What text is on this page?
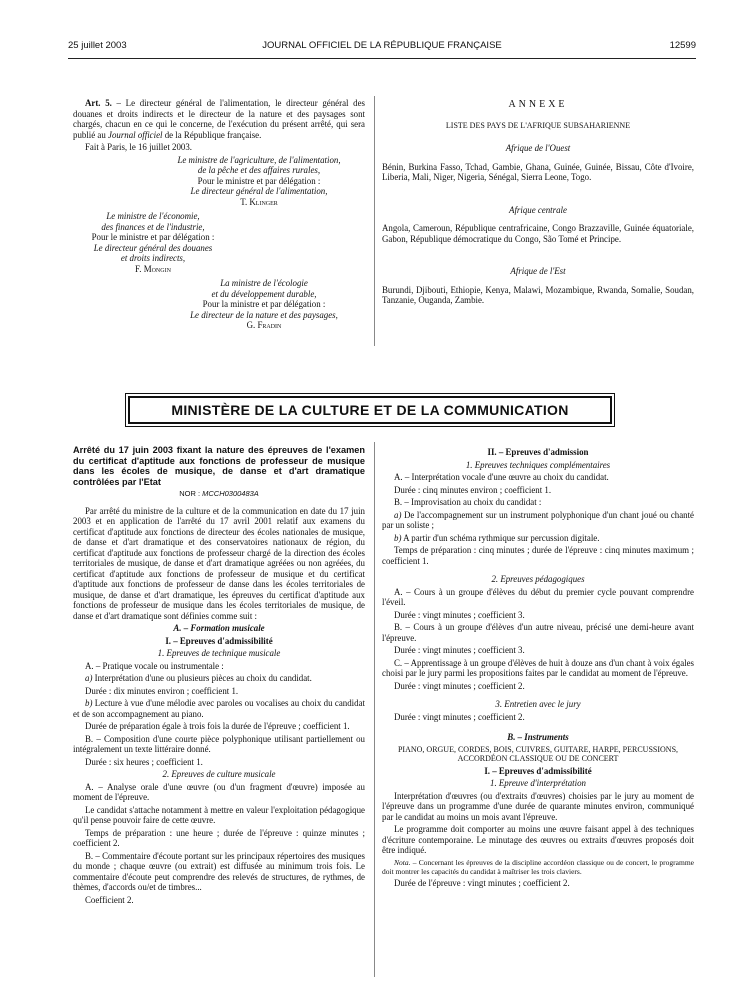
25 juillet 2003	JOURNAL OFFICIEL DE LA RÉPUBLIQUE FRANÇAISE	12599

Art. 5. – Le directeur général de l'alimentation, le directeur général des douanes et droits indirects et le directeur de la nature et des paysages sont chargés, chacun en ce qui le concerne, de l'exécution du présent arrêté, qui sera publié au Journal officiel de la République française.

Fait à Paris, le 16 juillet 2003.

Le ministre de l'agriculture, de l'alimentation,
de la pêche et des affaires rurales,
Pour le ministre et par délégation :
Le directeur général de l'alimentation,
T. Klinger
Le ministre de l'économie,
des finances et de l'industrie,
Pour le ministre et par délégation :
Le directeur général des douanes
et droits indirects,
F. Mongin
La ministre de l'écologie
et du développement durable,
Pour la ministre et par délégation :
Le directeur de la nature et des paysages,
G. Fradin

ANNEXE

LISTE DES PAYS DE L'AFRIQUE SUBSAHARIENNE

Afrique de l'Ouest

Bénin, Burkina Fasso, Tchad, Gambie, Ghana, Guinée, Guinée, Bissau, Côte d'Ivoire, Liberia, Mali, Niger, Nigeria, Sénégal, Sierra Leone, Togo.

Afrique centrale

Angola, Cameroun, République centrafricaine, Congo Brazzaville, Guinée équatoriale, Gabon, République démocratique du Congo, São Tomé et Principe.

Afrique de l'Est

Burundi, Djibouti, Ethiopie, Kenya, Malawi, Mozambique, Rwanda, Somalie, Soudan, Tanzanie, Ouganda, Zambie.

MINISTÈRE DE LA CULTURE ET DE LA COMMUNICATION

Arrêté du 17 juin 2003 fixant la nature des épreuves de l'examen du certificat d'aptitude aux fonctions de professeur de musique dans les écoles de musique, de danse et d'art dramatique contrôlées par l'Etat

NOR : MCCH0300483A

Par arrêté du ministre de la culture et de la communication en date du 17 juin 2003 et en application de l'arrêté du 17 avril 2001 relatif aux examens du certificat d'aptitude aux fonctions de directeur des écoles nationales de musique, de danse et d'art dramatique et des conservatoires nationaux de région, du certificat d'aptitude aux fonctions de professeur chargé de la direction des écoles territoriales de musique, de danse et d'art dramatique agréées ou non agréées, du certificat d'aptitude aux fonctions de professeur de musique et du certificat d'aptitude aux fonctions de professeur de danse dans les écoles territoriales de musique, de danse et d'art dramatique, les épreuves du certificat d'aptitude aux fonctions de professeur de musique dans les écoles territoriales de musique, de danse et d'art dramatique sont définies comme suit :

A. – Formation musicale

I. – Epreuves d'admissibilité

1. Epreuves de technique musicale

A. – Pratique vocale ou instrumentale :

a) Interprétation d'une ou plusieurs pièces au choix du candidat.

Durée : dix minutes environ ; coefficient 1.

b) Lecture à vue d'une mélodie avec paroles ou vocalises au choix du candidat et de son accompagnement au piano.

Durée de préparation égale à trois fois la durée de l'épreuve ; coefficient 1.

B. – Composition d'une courte pièce polyphonique utilisant partiellement ou intégralement un texte littéraire donné.

Durée : six heures ; coefficient 1.

2. Epreuves de culture musicale

A. – Analyse orale d'une œuvre (ou d'un fragment d'œuvre) imposée au moment de l'épreuve.

Le candidat s'attache notamment à mettre en valeur l'exploitation pédagogique qu'il pense pouvoir faire de cette œuvre.

Temps de préparation : une heure ; durée de l'épreuve : quinze minutes ; coefficient 2.

B. – Commentaire d'écoute portant sur les principaux répertoires des musiques du monde ; chaque œuvre (ou extrait) est diffusée au minimum trois fois. Le commentaire d'écoute peut comprendre des relevés de structures, de rythmes, de thèmes, d'accords ou/et de timbres...

Coefficient 2.

II. – Epreuves d'admission

1. Epreuves techniques complémentaires

A. – Interprétation vocale d'une œuvre au choix du candidat.

Durée : cinq minutes environ ; coefficient 1.

B. – Improvisation au choix du candidat :

a) De l'accompagnement sur un instrument polyphonique d'un chant joué ou chanté par un soliste ;

b) A partir d'un schéma rythmique sur percussion digitale.

Temps de préparation : cinq minutes ; durée de l'épreuve : cinq minutes maximum ; coefficient 1.

2. Epreuves pédagogiques

A. – Cours à un groupe d'élèves du début du premier cycle pouvant comprendre l'éveil.

Durée : vingt minutes ; coefficient 3.

B. – Cours à un groupe d'élèves d'un autre niveau, précisé une demi-heure avant l'épreuve.

Durée : vingt minutes ; coefficient 3.

C. – Apprentissage à un groupe d'élèves de huit à douze ans d'un chant à voix égales choisi par le jury parmi les propositions faites par le candidat au moment de l'épreuve.

Durée : vingt minutes ; coefficient 2.

3. Entretien avec le jury

Durée : vingt minutes ; coefficient 2.

B. – Instruments

PIANO, ORGUE, CORDES, BOIS, CUIVRES, GUITARE, HARPE, PERCUSSIONS, ACCORDÉON CLASSIQUE OU DE CONCERT

I. – Epreuves d'admissibilité

1. Epreuve d'interprétation

Interprétation d'œuvres (ou d'extraits d'œuvres) choisies par le jury au moment de l'épreuve dans un programme d'une durée de quarante minutes environ, communiqué par le candidat au moins un mois avant l'épreuve.

Le programme doit comporter au moins une œuvre faisant appel à des techniques d'écriture contemporaine. Le minutage des œuvres ou extraits d'œuvres proposés doit être indiqué.

Nota. – Concernant les épreuves de la discipline accordéon classique ou de concert, le programme doit montrer les capacités du candidat à maîtriser les trois claviers.

Durée de l'épreuve : vingt minutes ; coefficient 2.
